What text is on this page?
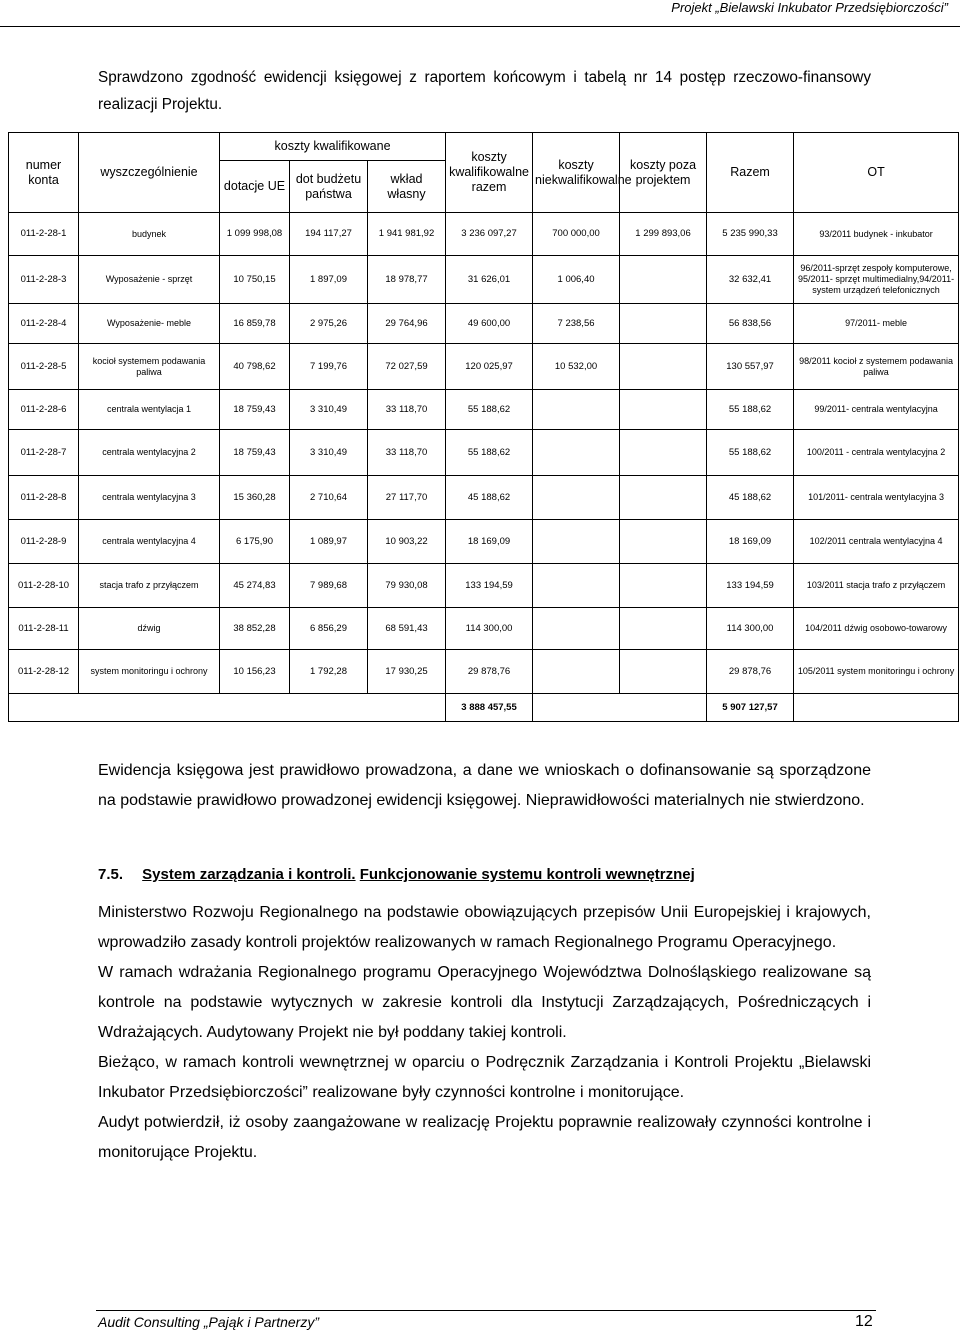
Projekt „Bielawski Inkubator Przedsiębiorczości”
Sprawdzono zgodność ewidencji księgowej z raportem końcowym i tabelą nr 14 postęp rzeczowo-finansowy realizacji Projektu.
numer konta	wyszczególnienie	koszty kwalifikowane			koszty kwalifikowalne razem	koszty niekwalifikowalne	koszty poza projektem	Razem	OT
		dotacje UE	dot budżetu państwa	wkład własny					
011-2-28-1	budynek	1 099 998,08	194 117,27	1 941 981,92	3 236 097,27	700 000,00	1 299 893,06	5 235 990,33	93/2011 budynek - inkubator
011-2-28-3	Wyposażenie - sprzęt	10 750,15	1 897,09	18 978,77	31 626,01	1 006,40		32 632,41	96/2011-sprzęt zespoły komputerowe, 95/2011- sprzęt multimedialny,94/2011- system urządzeń telefonicznych
011-2-28-4	Wyposażenie- meble	16 859,78	2 975,26	29 764,96	49 600,00	7 238,56		56 838,56	97/2011- meble
011-2-28-5	kocioł systemem podawania paliwa	40 798,62	7 199,76	72 027,59	120 025,97	10 532,00		130 557,97	98/2011 kocioł z systemem podawania paliwa
011-2-28-6	centrala wentylacja 1	18 759,43	3 310,49	33 118,70	55 188,62			55 188,62	99/2011- centrala wentylacyjna
011-2-28-7	centrala wentylacyjna 2	18 759,43	3 310,49	33 118,70	55 188,62			55 188,62	100/2011 - centrala wentylacyjna 2
011-2-28-8	centrala wentylacyjna 3	15 360,28	2 710,64	27 117,70	45 188,62			45 188,62	101/2011- centrala wentylacyjna 3
011-2-28-9	centrala wentylacyjna 4	6 175,90	1 089,97	10 903,22	18 169,09			18 169,09	102/2011 centrala wentylacyjna 4
011-2-28-10	stacja trafo z przyłączem	45 274,83	7 989,68	79 930,08	133 194,59			133 194,59	103/2011 stacja trafo z przyłączem
011-2-28-11	dźwig	38 852,28	6 856,29	68 591,43	114 300,00			114 300,00	104/2011 dźwig osobowo-towarowy
011-2-28-12	system monitoringu i ochrony	10 156,23	1 792,28	17 930,25	29 878,76			29 878,76	105/2011 system monitoringu i ochrony
					3 888 457,55			5 907 127,57	
Ewidencja księgowa jest prawidłowo prowadzona, a dane we wnioskach o dofinansowanie są sporządzone na podstawie prawidłowo prowadzonej ewidencji księgowej. Nieprawidłowości materialnych nie stwierdzono.
7.5. System zarządzania i kontroli. Funkcjonowanie systemu kontroli wewnętrznej

Ministerstwo Rozwoju Regionalnego na podstawie obowiązujących przepisów Unii Europejskiej i krajowych, wprowadziło zasady kontroli projektów realizowanych w ramach Regionalnego Programu Operacyjnego.

W ramach wdrażania Regionalnego programu Operacyjnego Województwa Dolnośląskiego realizowane są kontrole na podstawie wytycznych w zakresie kontroli dla Instytucji Zarządzających, Pośredniczących i Wdrażających. Audytowany Projekt nie był poddany takiej kontroli.

Bieżąco, w ramach kontroli wewnętrznej w oparciu o Podręcznik Zarządzania i Kontroli Projektu „Bielawski Inkubator Przedsiębiorczości” realizowane były czynności kontrolne i monitorujące.

Audyt potwierdził, iż osoby zaangażowane w realizację Projektu poprawnie realizowały czynności kontrolne i monitorujące Projektu.

Audit Consulting „Pająk i Partnerzy”	12
